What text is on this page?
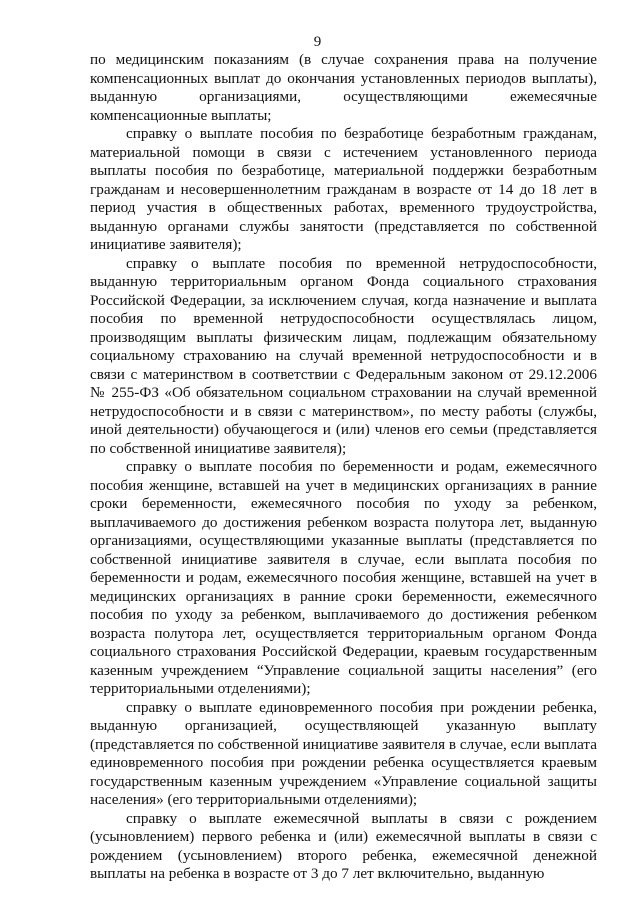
9

по медицинским показаниям (в случае сохранения права на получение компенсационных выплат до окончания установленных периодов выплаты), выданную организациями, осуществляющими ежемесячные компенсационные выплаты;

справку о выплате пособия по безработице безработным гражданам, материальной помощи в связи с истечением установленного периода выплаты пособия по безработице, материальной поддержки безработным гражданам и несовершеннолетним гражданам в возрасте от 14 до 18 лет в период участия в общественных работах, временного трудоустройства, выданную органами службы занятости (представляется по собственной инициативе заявителя);

справку о выплате пособия по временной нетрудоспособности, выданную территориальным органом Фонда социального страхования Российской Федерации, за исключением случая, когда назначение и выплата пособия по временной нетрудоспособности осуществлялась лицом, производящим выплаты физическим лицам, подлежащим обязательному социальному страхованию на случай временной нетрудоспособности и в связи с материнством в соответствии с Федеральным законом от 29.12.2006 № 255-ФЗ «Об обязательном социальном страховании на случай временной нетрудоспособности и в связи с материнством», по месту работы (службы, иной деятельности) обучающегося и (или) членов его семьи (представляется по собственной инициативе заявителя);

справку о выплате пособия по беременности и родам, ежемесячного пособия женщине, вставшей на учет в медицинских организациях в ранние сроки беременности, ежемесячного пособия по уходу за ребенком, выплачиваемого до достижения ребенком возраста полутора лет, выданную организациями, осуществляющими указанные выплаты (представляется по собственной инициативе заявителя в случае, если выплата пособия по беременности и родам, ежемесячного пособия женщине, вставшей на учет в медицинских организациях в ранние сроки беременности, ежемесячного пособия по уходу за ребенком, выплачиваемого до достижения ребенком возраста полутора лет, осуществляется территориальным органом Фонда социального страхования Российской Федерации, краевым государственным казенным учреждением “Управление социальной защиты населения” (его территориальными отделениями);

справку о выплате единовременного пособия при рождении ребенка, выданную организацией, осуществляющей указанную выплату (представляется по собственной инициативе заявителя в случае, если выплата единовременного пособия при рождении ребенка осуществляется краевым государственным казенным учреждением «Управление социальной защиты населения» (его территориальными отделениями);

справку о выплате ежемесячной выплаты в связи с рождением (усыновлением) первого ребенка и (или) ежемесячной выплаты в связи с рождением (усыновлением) второго ребенка, ежемесячной денежной выплаты на ребенка в возрасте от 3 до 7 лет включительно, выданную
